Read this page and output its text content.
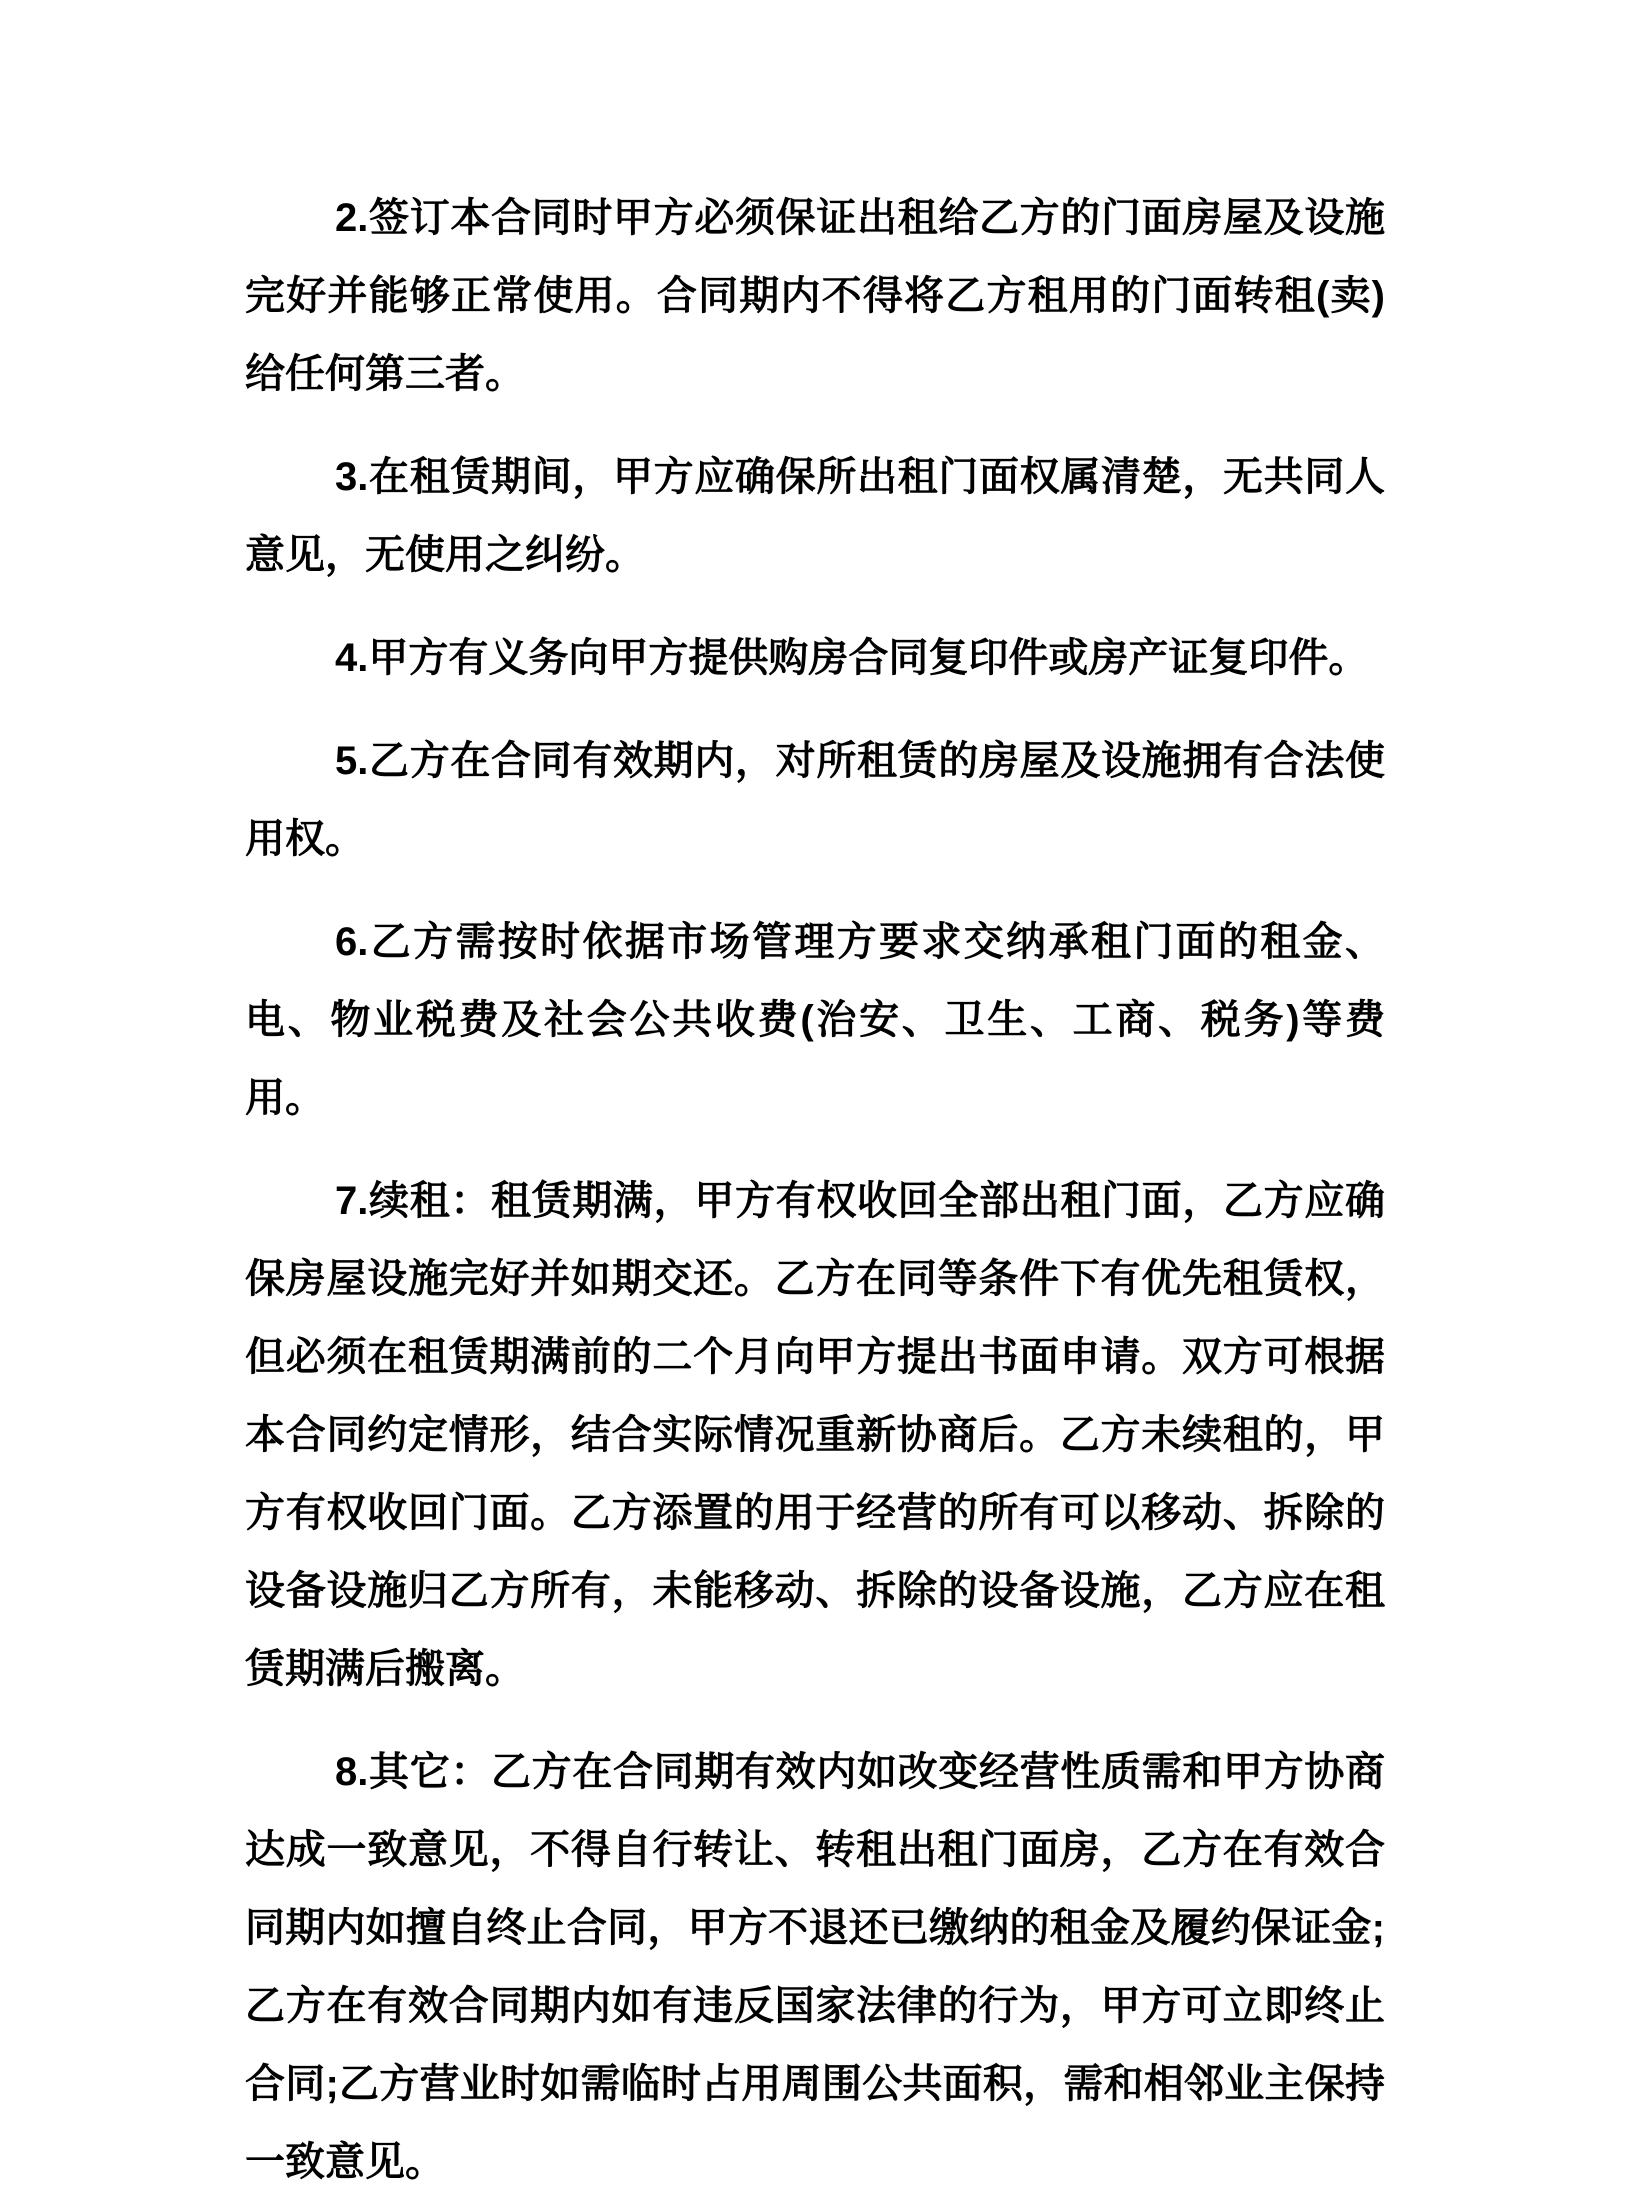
2.签订本合同时甲方必须保证出租给乙方的门面房屋及设施完好并能够正常使用。合同期内不得将乙方租用的门面转租(卖)给任何第三者。

3.在租赁期间，甲方应确保所出租门面权属清楚，无共同人意见，无使用之纠纷。

4.甲方有义务向甲方提供购房合同复印件或房产证复印件。

5.乙方在合同有效期内，对所租赁的房屋及设施拥有合法使用权。

6.乙方需按时依据市场管理方要求交纳承租门面的租金、电、物业税费及社会公共收费(治安、卫生、工商、税务)等费用。

7.续租：租赁期满，甲方有权收回全部出租门面，乙方应确保房屋设施完好并如期交还。乙方在同等条件下有优先租赁权，但必须在租赁期满前的二个月向甲方提出书面申请。双方可根据本合同约定情形，结合实际情况重新协商后。乙方未续租的，甲方有权收回门面。乙方添置的用于经营的所有可以移动、拆除的设备设施归乙方所有，未能移动、拆除的设备设施，乙方应在租赁期满后搬离。

8.其它：乙方在合同期有效内如改变经营性质需和甲方协商达成一致意见，不得自行转让、转租出租门面房，乙方在有效合同期内如擅自终止合同，甲方不退还已缴纳的租金及履约保证金;乙方在有效合同期内如有违反国家法律的行为，甲方可立即终止合同;乙方营业时如需临时占用周围公共面积，需和相邻业主保持一致意见。
